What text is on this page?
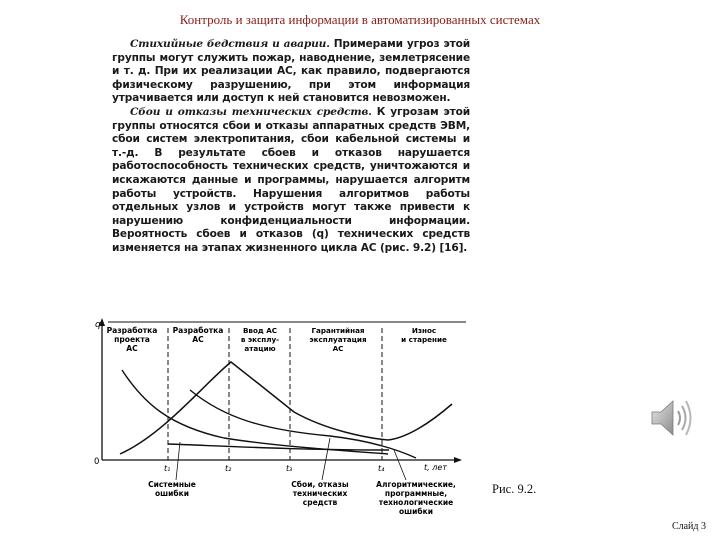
Контроль и защита информации в автоматизированных системах

Стихийные бедствия и аварии. Примерами угроз этой группы могут служить пожар, наводнение, землетрясение и т. д. При их реализации АС, как правило, подвергаются физическому разрушению, при этом информация утрачивается или доступ к ней становится невозможен.

Сбои и отказы технических средств. К угрозам этой группы относятся сбои и отказы аппаратных средств ЭВМ, сбои систем электропитания, сбои кабельной системы и т.-д. В результате сбоев и отказов нарушается работоспособность технических средств, уничтожаются и искажаются данные и программы, нарушается алгоритм работы устройств. Нарушения алгоритмов работы отдельных узлов и устройств могут также привести к нарушению конфиденциальности информации. Вероятность сбоев и отказов (q) технических средств изменяется на этапах жизненного цикла АС (рис. 9.2) [16].

q
0
t, лет
Разработка проекта АС
Разработка АС
Ввод АС в эксплу-атацию
Гарантийная эксплуатация АС
Износ и старение
t₁	t₂	t₃	t₄
Системные ошибки
Сбои, отказы технических средств
Алгоритмические, программные, технологические ошибки
Рис. 9.2.
Слайд 3
